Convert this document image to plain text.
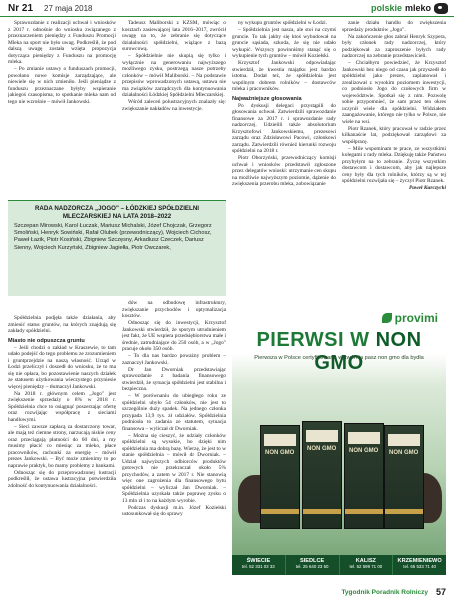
Nr 21 27 maja 2018	polskie mleko

Sprawozdanie z realizacji uchwał i wniosków z 2017 r. odnośnie do wniosku związanego z przeznaczeniem pieniędzy z Funduszu Promocji Mleka na sport nie było uwag. Podkreślił, że pod dalszą uwagę została wzięta propozycja dotycząca pieniędzy z Funduszu na promocję mleka.

– Po zmianie ustawy o funduszach promocji, powołano nowe komisje zarządzające, ale niewiele się w nich zmieniło. Jeśli pieniądze z funduszu przeznaczane byłyby wspieranie jakiegoś czasopisma, to spotkanie mleka nam od tego nie wzrośnie – mówił Jankowski.

Tadeusz Maliborski z KZSM, mówiąc o kosztach zasiewającej lata 2016–2017, zwrócił uwagę na to, że zebranie się dotyczące działalności spółdzielni, wiążące z bazą surowcową.

– Spółdzielnie nie skupią się tylko i wyłącznie na generowaniu najwyższego możliwego zysku, postrzegą nasze potrzeby członków – mówił Maliborski. – Na podstawie przepisów wprowadzonych ustawą, ustawa nie ma związków zarządczych dla kontynuowania działalności Łódzkiej Spółdzielni Mleczarskiej.

Wśród zaleceń polustracyjnych znalazły się: zwiększanie nakładów na inwestycje.

ny wykupu gruntów spółdzielni w Łodzi.

– Spółdzielnia jest nasza, ale stoi na czymś gruncie. To tak jakby się ktoś wybudował na gruncie sąsiada, szkoda, że się nie udało wykupić. Wszyscy powinniśmy stanąć się o wykupienie tych gruntów – mówił Koziełski.

Krzysztof Jankowski odpowiadając stwierdził, że kwestia majątku jest bardzo istotna. Dodał też, że spółdzielnia jest wspólnym dobrem rolników – dostawców mleka i pracowników.

Najważniejsze głosowania

Po dyskusji delegaci przystąpili do głosowania uchwał. Zatwierdzili sprawozdanie finansowe za 2017 r. i sprawozdanie rady nadzorczej. Udzielili także absolutorium Krzysztofowi Jankowskiemu, prezesowi zarządu oraz Zdzisławowi Pacowi, członkowi zarządu. Zatwierdzili również kierunki rozwoju spółdzielni na 2018 r.

Piotr Oborzyński, przewodniczący komisji uchwał i wniosków przedstawił zgłoszone przez delegatów wnioski: utrzymanie cen skupu na możliwie najwyższym poziomie, dążenie do zwiększenia przerobu mleka, zobowiązanie

zanie działu handlu do zwiększenia sprzedaży produktów „Jogo".

Na zakończenie głos zabrał Henryk Szypera, były członek rady nadzorczej, który podziękował za zaproszenie byłych rady nadzorczej na zebranie przedstawicieli.

– Chciałbym powiedzieć, że Krzysztof Jankowski bez niego od czasu jak przyszedł do spółdzielni jako prezes, zaplanował i zrealizował z wysokim poziomem inwestycji, co podniosło Jogo do czołowych firm w województwie. Spotkał się z nim. Pozwolę sobie przypomnieć, że sam przez ten okres uczynił wiele dla spółdzielni. Widziałem zaangażowanie, którego nie tylko w Polsce, nie wiele na wsi.

Piotr Rzanek, który pracował w radzie przez kilkanaście lat, podziękował zarządowi za współpracę.

– Mile wspominam te prace, ze wszystkimi kolegami z rady mleka. Dziękuję także Państwu przybyłym na to zebranie. Życzę wszystkim dostawcom i dostawcom, aby jak najlepsze ceny były dla tych rolników, którzy są w tej spółdzielni rozwijała się – życzył Piotr Rzanek.

Paweł Kurczycki

RADA NADZORCZA „JOGO" – ŁÓDZKIEJ SPÓŁDZIELNI MLECZARSKIEJ NA LATA 2018–2022
Szczepan Mirowski, Karol Łuczak, Mariusz Michalski, Józef Chojczak, Grzegorz Smoliński, Henryk Sowiński, Rafał Olubek (przewodniczący), Wojciech Cichosz, Paweł Łazik, Piotr Kosiński, Zbigniew Szczęsny, Arkadiusz Czeczek, Dariusz Sienny, Wojciech Kurzyński, Zbigniew Jagiełła, Piotr Owczarek,

Spółdzielnia podjęła także działania, aby zmienić status gruntów, na których znajdują się zakłady spółdzielni.

Miasto nie odpuszcza gruntu

– Jeśli chodzi o zakład w Kraszewie, to tam udało podejść do tego problemu ze zrozumieniem i gruntprzejdzie na naszą własność. Urząd w Łodzi przeliczył i doszedł do wniosku, że to ma się nie opłaca, bo pozostawienie naszych działek ze statusem użytkowania wieczystego przyniesie więcej pieniędzy – tłumaczył Jankowski.

Na 2018 r. głównym celem „Jogo" jest zwiększenie sprzedaży o 8% w 2018 r. Spółdzielnia chce to osiągnąć poszerzając ofertę oraz rozwijając współpracę z sieciami handlowymi.

– Sieci zawsze zapłacą za dostarczony towar, ale mają też ciemne strony, narzucają niskie ceny oraz przeciągają płatności do 60 dni, a my musimy płacić co miesiąc za mleko, płace pracowników, rachunki za energię – mówił prezes Jankowski. – Być może zmienimy to po naprawie praktyk, bo mamy problemy z bankami.

Odnosząc się do przeprowadzonej lustracji podkreślił, że ustawa lustracyjna potwierdziła zdolność do kontynuowania działalności.

dów na odbudowę infrastruktury, zwiększanie przychodów i optymalizacja kosztów.

Odnosząc się do inwestycji, Krzysztof Jankowski stwierdził, że sporym utrudnieniem jest fakt, że UE wspiera przedsiębiorstwa małe i średnie, zatrudniające do 250 osób, a w „Jogo" pracuje około 350 osób.

– To dla nas bardzo poważny problem – zaznaczył Jankowski.

Dr Jan Dworniak przedstawiając sprawozdanie z badania finansowego stwierdził, że sytuacja spółdzielni jest stabilna i bezpieczna.

– W porównaniu do ubiegłego roku ze spółdzielni ubyło 54 członków, nie jest to szczególnie duży spadek. Na jednego członka przypada 13,9 tys. zł udziałów. Spółdzielnia podniosła to zadania ze statutem, sytuacja finansowa – wyliczał dr Dworniak.

– Można się cieszyć, że udziały członków spółdzielni są wysokie, bo dzięki nim spółdzielnia ma dobrą bazę. Wierzę, że jest to w stanie spółdzielnia – mówił dr Dworniak. – Udział najwyższych odbiorców produktów gotowych nie przekraczał około 5% przychodów, a zatem w 2017 r. Nie stanowią więc one zagrożenia dla finansowego bytu spółdzielni – wyliczał Jan Dworniak. – Spółdzielnia uzyskała także poprawę zysku o 13 mln zł i to na każdym wyrobie.

Podczas dyskusji m.in. Józef Koziełski ustosunkował się do sprawy

provimi
PIERWSI W NON GMO
Pierwsza w Polsce certyfikowana wytwórnia pasz non gmo dla bydła
NON GMO
NON GMO NON GMO NON GMO
ŚWIECIE
tel. 52 331 03 33
SIEDLCE
tel. 25 640 23 50
KALISZ
tel. 62 599 71 00
KRZEMIENIEWO
tel. 65 533 71 40
Tygodnik Poradnik Rolniczy 57
